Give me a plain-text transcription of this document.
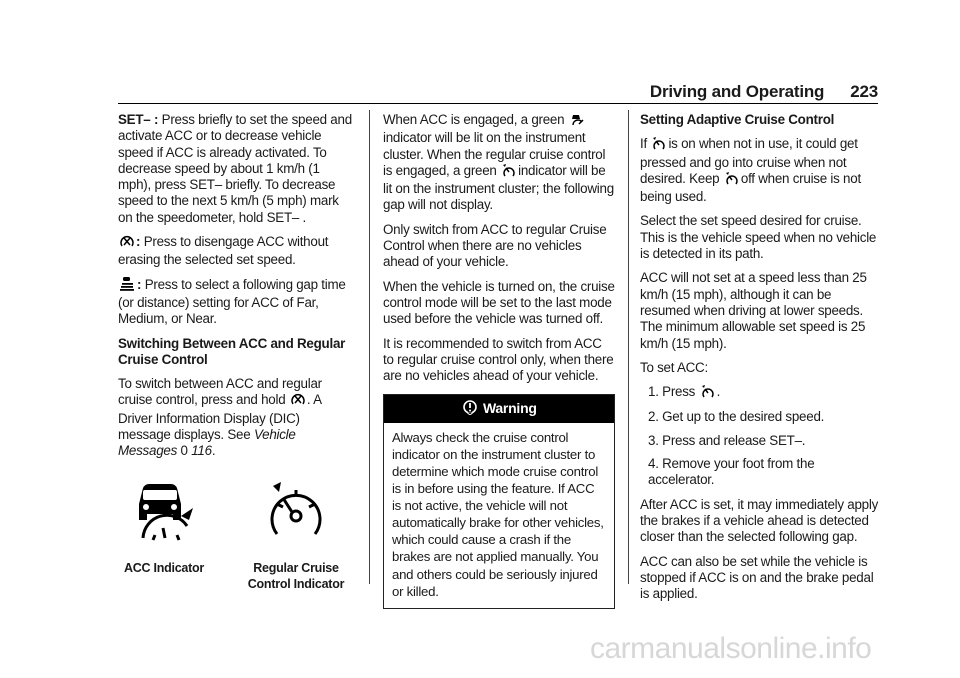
Driving and Operating 223

SET– : Press briefly to set the speed and activate ACC or to decrease vehicle speed if ACC is already activated. To decrease speed by about 1 km/h (1 mph), press SET– briefly. To decrease speed to the next 5 km/h (5 mph) mark on the speedometer, hold SET– .

: Press to disengage ACC without erasing the selected set speed.

: Press to select a following gap time (or distance) setting for ACC of Far, Medium, or Near.

Switching Between ACC and Regular Cruise Control

To switch between ACC and regular cruise control, press and hold . A Driver Information Display (DIC) message displays. See Vehicle Messages 0 116.

ACC Indicator	Regular Cruise Control Indicator

When ACC is engaged, a green indicator will be lit on the instrument cluster. When the regular cruise control is engaged, a green indicator will be lit on the instrument cluster; the following gap will not display.

Only switch from ACC to regular Cruise Control when there are no vehicles ahead of your vehicle.

When the vehicle is turned on, the cruise control mode will be set to the last mode used before the vehicle was turned off.

It is recommended to switch from ACC to regular cruise control only, when there are no vehicles ahead of your vehicle.

Warning
Always check the cruise control indicator on the instrument cluster to determine which mode cruise control is in before using the feature. If ACC is not active, the vehicle will not automatically brake for other vehicles, which could cause a crash if the brakes are not applied manually. You and others could be seriously injured or killed.

Setting Adaptive Cruise Control

If is on when not in use, it could get pressed and go into cruise when not desired. Keep off when cruise is not being used.

Select the set speed desired for cruise. This is the vehicle speed when no vehicle is detected in its path.

ACC will not set at a speed less than 25 km/h (15 mph), although it can be resumed when driving at lower speeds. The minimum allowable set speed is 25 km/h (15 mph).

To set ACC:

1. Press .
2. Get up to the desired speed.
3. Press and release SET–.
4. Remove your foot from the accelerator.

After ACC is set, it may immediately apply the brakes if a vehicle ahead is detected closer than the selected following gap.

ACC can also be set while the vehicle is stopped if ACC is on and the brake pedal is applied.

carmanualsonline.info
